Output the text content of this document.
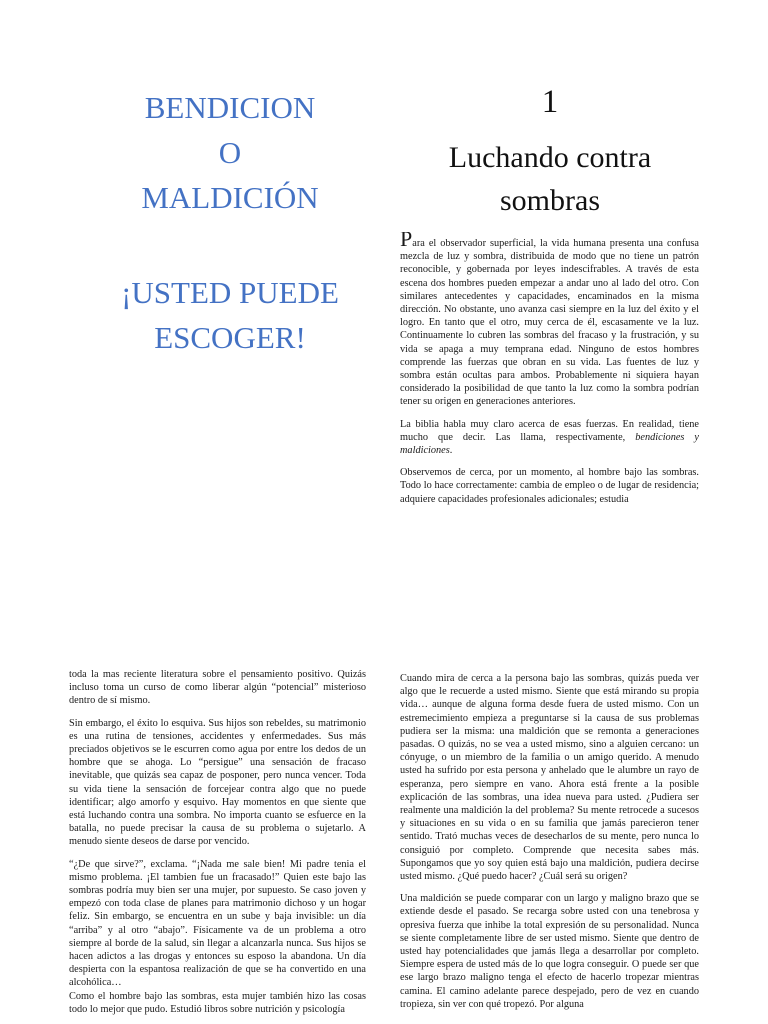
BENDICION
O
MALDICIÓN
¡USTED PUEDE
ESCOGER!
1
Luchando contra
sombras

Para el observador superficial, la vida humana presenta una confusa mezcla de luz y sombra, distribuida de modo que no tiene un patrón reconocible, y gobernada por leyes indescifrables. A través de esta escena dos hombres pueden empezar a andar uno al lado del otro. Con similares antecedentes y capacidades, encaminados en la misma dirección. No obstante, uno avanza casi siempre en la luz del éxito y el logro. En tanto que el otro, muy cerca de él, escasamente ve la luz. Continuamente lo cubren las sombras del fracaso y la frustración, y su vida se apaga a muy temprana edad. Ninguno de estos hombres comprende las fuerzas que obran en su vida. Las fuentes de luz y sombra están ocultas para ambos. Probablemente ni siquiera hayan considerado la posibilidad de que tanto la luz como la sombra podrían tener su origen en generaciones anteriores.

La biblia habla muy claro acerca de esas fuerzas. En realidad, tiene mucho que decir. Las llama, respectivamente, bendiciones y maldiciones.

Observemos de cerca, por un momento, al hombre bajo las sombras. Todo lo hace correctamente: cambia de empleo o de lugar de residencia; adquiere capacidades profesionales adicionales; estudia

toda la mas reciente literatura sobre el pensamiento positivo. Quizás incluso toma un curso de como liberar algún “potencial” misterioso dentro de sí mismo.

Sin embargo, el éxito lo esquiva. Sus hijos son rebeldes, su matrimonio es una rutina de tensiones, accidentes y enfermedades. Sus más preciados objetivos se le escurren como agua por entre los dedos de un hombre que se ahoga. Lo “persigue” una sensación de fracaso inevitable, que quizás sea capaz de posponer, pero nunca vencer. Toda su vida tiene la sensación de forcejear contra algo que no puede identificar; algo amorfo y esquivo. Hay momentos en que siente que está luchando contra una sombra. No importa cuanto se esfuerce en la batalla, no puede precisar la causa de su problema o sujetarlo. A menudo siente deseos de darse por vencido.

“¿De que sirve?”, exclama. “¡Nada me sale bien! Mi padre tenia el mismo problema. ¡El tambien fue un fracasado!” Quien este bajo las sombras podría muy bien ser una mujer, por supuesto. Se caso joven y empezó con toda clase de planes para matrimonio dichoso y un hogar feliz. Sin embargo, se encuentra en un sube y baja invisible: un día “arriba” y al otro “abajo”. Físicamente va de un problema a otro siempre al borde de la salud, sin llegar a alcanzarla nunca. Sus hijos se hacen adictos a las drogas y entonces su esposo la abandona. Un día despierta con la espantosa realización de que se ha convertido en una alcohólica…

Como el hombre bajo las sombras, esta mujer también hizo las cosas todo lo mejor que pudo. Estudió libros sobre nutrición y psicología

Cuando mira de cerca a la persona bajo las sombras, quizás pueda ver algo que le recuerde a usted mismo. Siente que está mirando su propia vida… aunque de alguna forma desde fuera de usted mismo. Con un estremecimiento empieza a preguntarse si la causa de sus problemas pudiera ser la misma: una maldición que se remonta a generaciones pasadas. O quizás, no se vea a usted mismo, sino a alguien cercano: un cónyuge, o un miembro de la familia o un amigo querido. A menudo usted ha sufrido por esta persona y anhelado que le alumbre un rayo de esperanza, pero siempre en vano. Ahora está frente a la posible explicación de las sombras, una idea nueva para usted. ¿Pudiera ser realmente una maldición la del problema? Su mente retrocede a sucesos y situaciones en su vida o en su familia que jamás parecieron tener sentido. Trató muchas veces de desecharlos de su mente, pero nunca lo consiguió por completo. Comprende que necesita sabes más. Supongamos que yo soy quien está bajo una maldición, pudiera decirse usted mismo. ¿Qué puedo hacer? ¿Cuál será su origen?

Una maldición se puede comparar con un largo y maligno brazo que se extiende desde el pasado. Se recarga sobre usted con una tenebrosa y opresiva fuerza que inhibe la total expresión de su personalidad. Nunca se siente completamente libre de ser usted mismo. Siente que dentro de usted hay potencialidades que jamás llega a desarrollar por completo. Siempre espera de usted más de lo que logra conseguir. O puede ser que ese largo brazo maligno tenga el efecto de hacerlo tropezar mientras camina. El camino adelante parece despejado, pero de vez en cuando tropieza, sin ver con qué tropezó. Por alguna
